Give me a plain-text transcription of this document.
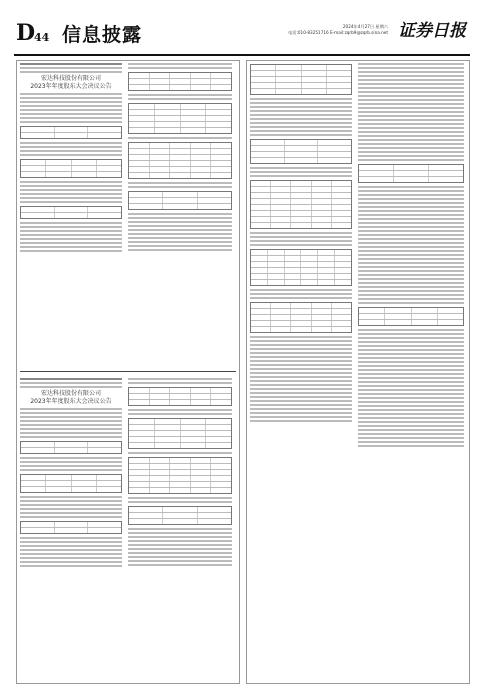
D
44 信息披露	2024年4月27日 星期六
电话:010-83251716 E-mail:zqrb9@zqrb.sina.net 证券日报
宏达科技股份有限公司
2023年年度股东大会决议公告
宏达科技股份有限公司
2023年年度股东大会决议公告
